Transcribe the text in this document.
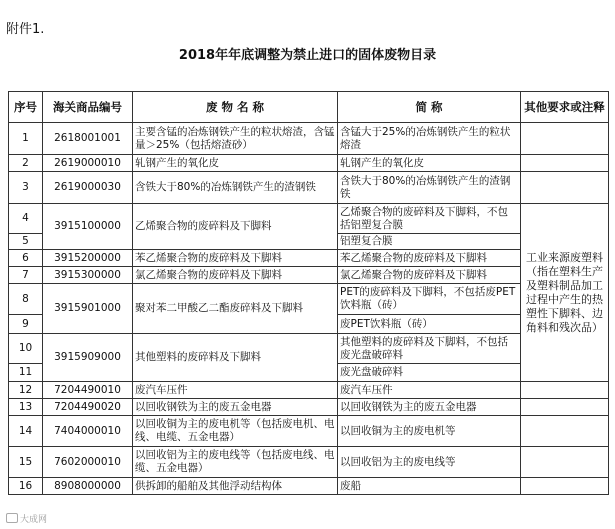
附件1.
2018年年底调整为禁止进口的固体废物目录
序号	海关商品编号	废 物 名 称	简 称	其他要求或注释	
1	2618001001	主要含锰的冶炼钢铁产生的粒状熔渣，含锰量＞25%（包括熔渣砂）	含锰大于25%的冶炼钢铁产生的粒状熔渣		
2	2619000010	轧钢产生的氧化皮	轧钢产生的氧化皮		
3	2619000030	含铁大于80%的冶炼钢铁产生的渣钢铁	含铁大于80%的冶炼钢铁产生的渣钢铁		
4	3915100000	乙烯聚合物的废碎料及下脚料	乙烯聚合物的废碎料及下脚料，不包括铝塑复合膜	工业来源废塑料（指在塑料生产及塑料制品加工过程中产生的热塑性下脚料、边角料和残次品）	
5			铝塑复合膜		
6	3915200000	苯乙烯聚合物的废碎料及下脚料	苯乙烯聚合物的废碎料及下脚料		
7	3915300000	氯乙烯聚合物的废碎料及下脚料	氯乙烯聚合物的废碎料及下脚料		
8	3915901000	聚对苯二甲酸乙二酯废碎料及下脚料	PET的废碎料及下脚料，不包括废PET饮料瓶（砖）		
9			废PET饮料瓶（砖）		
10	3915909000	其他塑料的废碎料及下脚料	其他塑料的废碎料及下脚料，不包括废光盘破碎料		
11			废光盘破碎料		
12	7204490010	废汽车压件	废汽车压件		
13	7204490020	以回收钢铁为主的废五金电器	以回收钢铁为主的废五金电器		
14	7404000010	以回收铜为主的废电机等（包括废电机、电线、电缆、五金电器）	以回收铜为主的废电机等		
15	7602000010	以回收铝为主的废电线等（包括废电线、电缆、五金电器）	以回收铝为主的废电线等		
16	8908000000	供拆卸的船舶及其他浮动结构体	废船		
大成网
